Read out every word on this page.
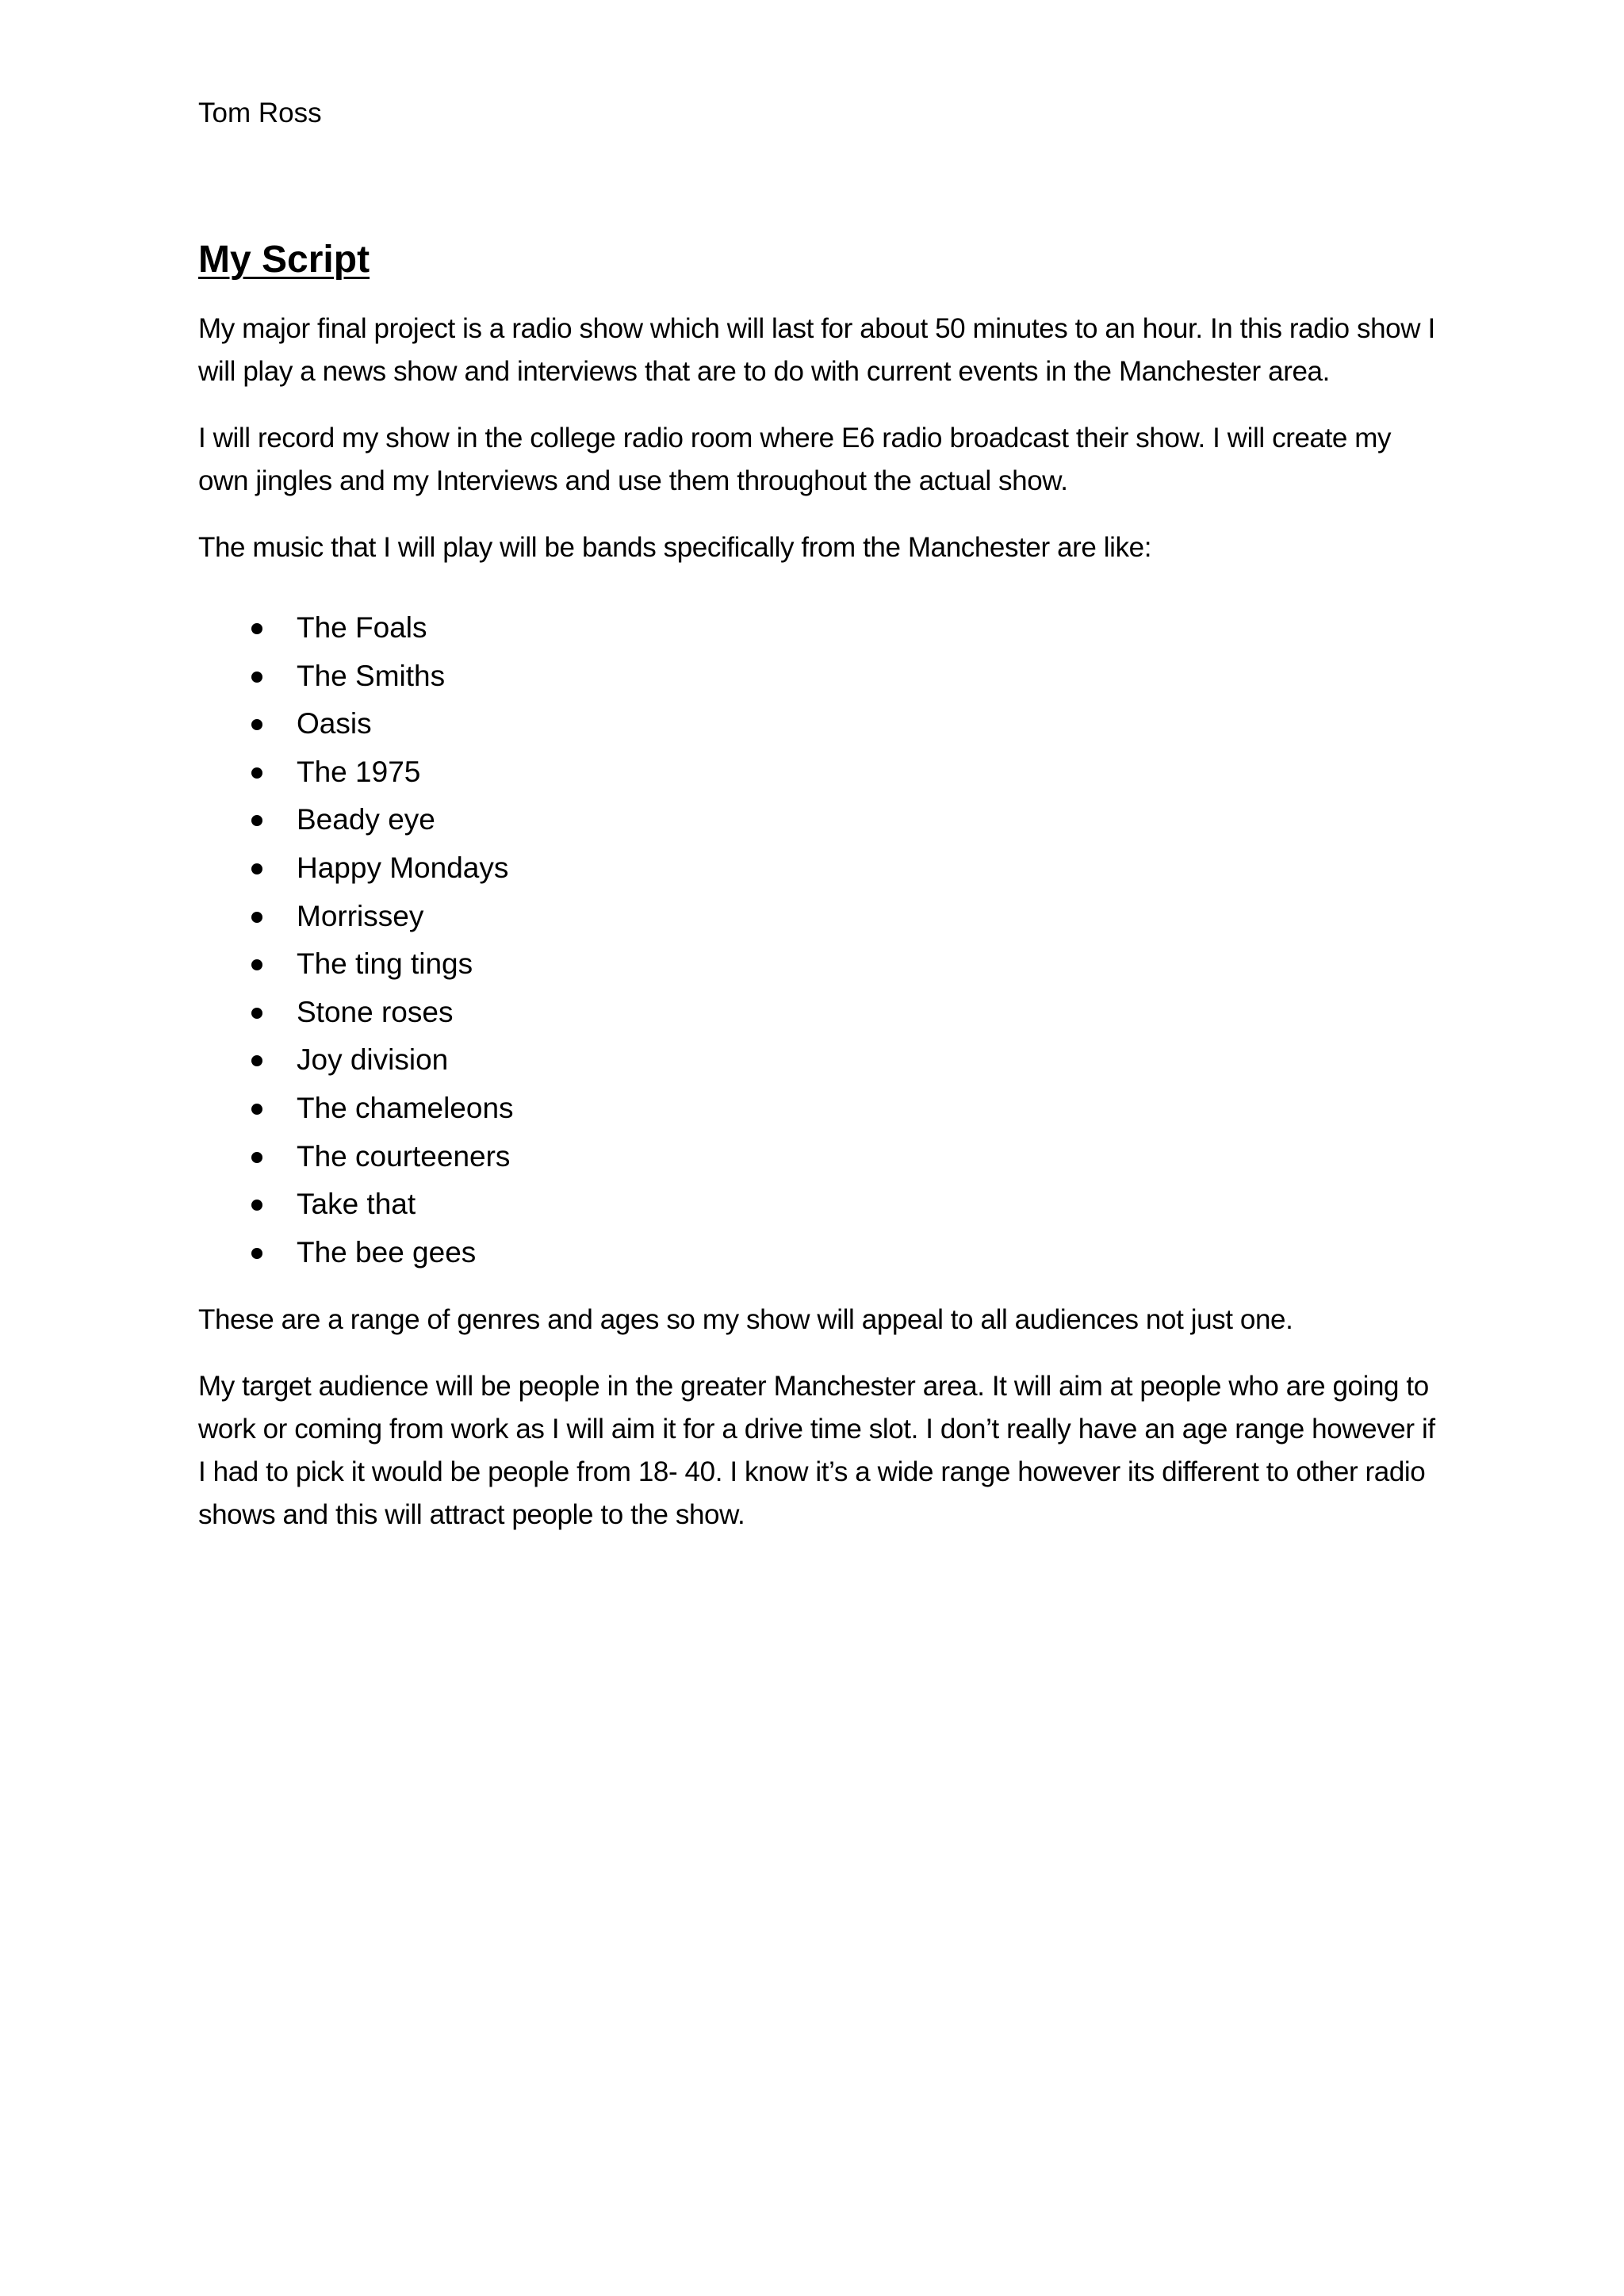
Tom Ross

My Script

My major final project is a radio show which will last for about 50 minutes to an hour. In this radio show I will play a news show and interviews that are to do with current events in the Manchester area.

I will record my show in the college radio room where E6 radio broadcast their show. I will create my own jingles and my Interviews and use them throughout the actual show.

The music that I will play will be bands specifically from the Manchester are like:

The Foals
The Smiths
Oasis
The 1975
Beady eye
Happy Mondays
Morrissey
The ting tings
Stone roses
Joy division
The chameleons
The courteeners
Take that
The bee gees

These are a range of genres and ages so my show will appeal to all audiences not just one.

My target audience will be people in the greater Manchester area. It will aim at people who are going to work or coming from work as I will aim it for a drive time slot. I don’t really have an age range however if I had to pick it would be people from 18- 40. I know it’s a wide range however its different to other radio shows and this will attract people to the show.
